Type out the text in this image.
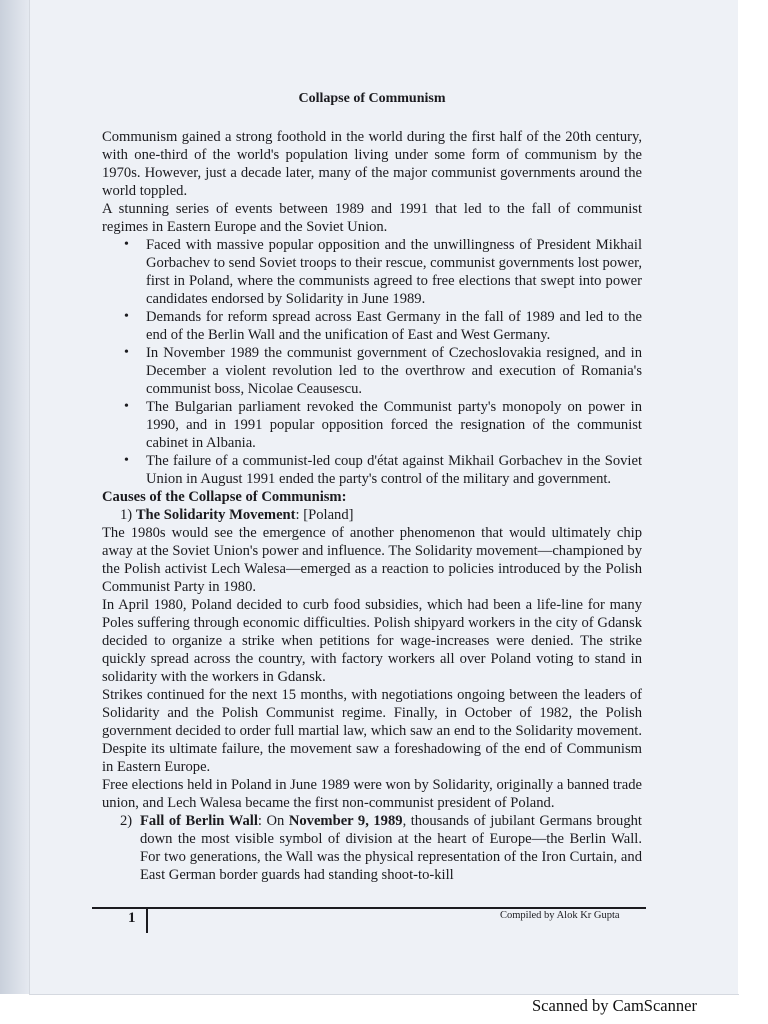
Collapse of Communism

Communism gained a strong foothold in the world during the first half of the 20th century, with one-third of the world's population living under some form of communism by the 1970s. However, just a decade later, many of the major communist governments around the world toppled.

A stunning series of events between 1989 and 1991 that led to the fall of communist regimes in Eastern Europe and the Soviet Union.

• Faced with massive popular opposition and the unwillingness of President Mikhail Gorbachev to send Soviet troops to their rescue, communist governments lost power, first in Poland, where the communists agreed to free elections that swept into power candidates endorsed by Solidarity in June 1989.
• Demands for reform spread across East Germany in the fall of 1989 and led to the end of the Berlin Wall and the unification of East and West Germany.
• In November 1989 the communist government of Czechoslovakia resigned, and in December a violent revolution led to the overthrow and execution of Romania's communist boss, Nicolae Ceausescu.
• The Bulgarian parliament revoked the Communist party's monopoly on power in 1990, and in 1991 popular opposition forced the resignation of the communist cabinet in Albania.
• The failure of a communist-led coup d'état against Mikhail Gorbachev in the Soviet Union in August 1991 ended the party's control of the military and government.
Causes of the Collapse of Communism:
1) The Solidarity Movement: [Poland]

The 1980s would see the emergence of another phenomenon that would ultimately chip away at the Soviet Union's power and influence. The Solidarity movement—championed by the Polish activist Lech Walesa—emerged as a reaction to policies introduced by the Polish Communist Party in 1980.

In April 1980, Poland decided to curb food subsidies, which had been a life-line for many Poles suffering through economic difficulties. Polish shipyard workers in the city of Gdansk decided to organize a strike when petitions for wage-increases were denied. The strike quickly spread across the country, with factory workers all over Poland voting to stand in solidarity with the workers in Gdansk.

Strikes continued for the next 15 months, with negotiations ongoing between the leaders of Solidarity and the Polish Communist regime. Finally, in October of 1982, the Polish government decided to order full martial law, which saw an end to the Solidarity movement. Despite its ultimate failure, the movement saw a foreshadowing of the end of Communism in Eastern Europe.

Free elections held in Poland in June 1989 were won by Solidarity, originally a banned trade union, and Lech Walesa became the first non-communist president of Poland.

2) Fall of Berlin Wall: On November 9, 1989, thousands of jubilant Germans brought down the most visible symbol of division at the heart of Europe—the Berlin Wall. For two generations, the Wall was the physical representation of the Iron Curtain, and East German border guards had standing shoot-to-kill
1	Compiled by Alok Kr Gupta
Scanned by CamScanner
